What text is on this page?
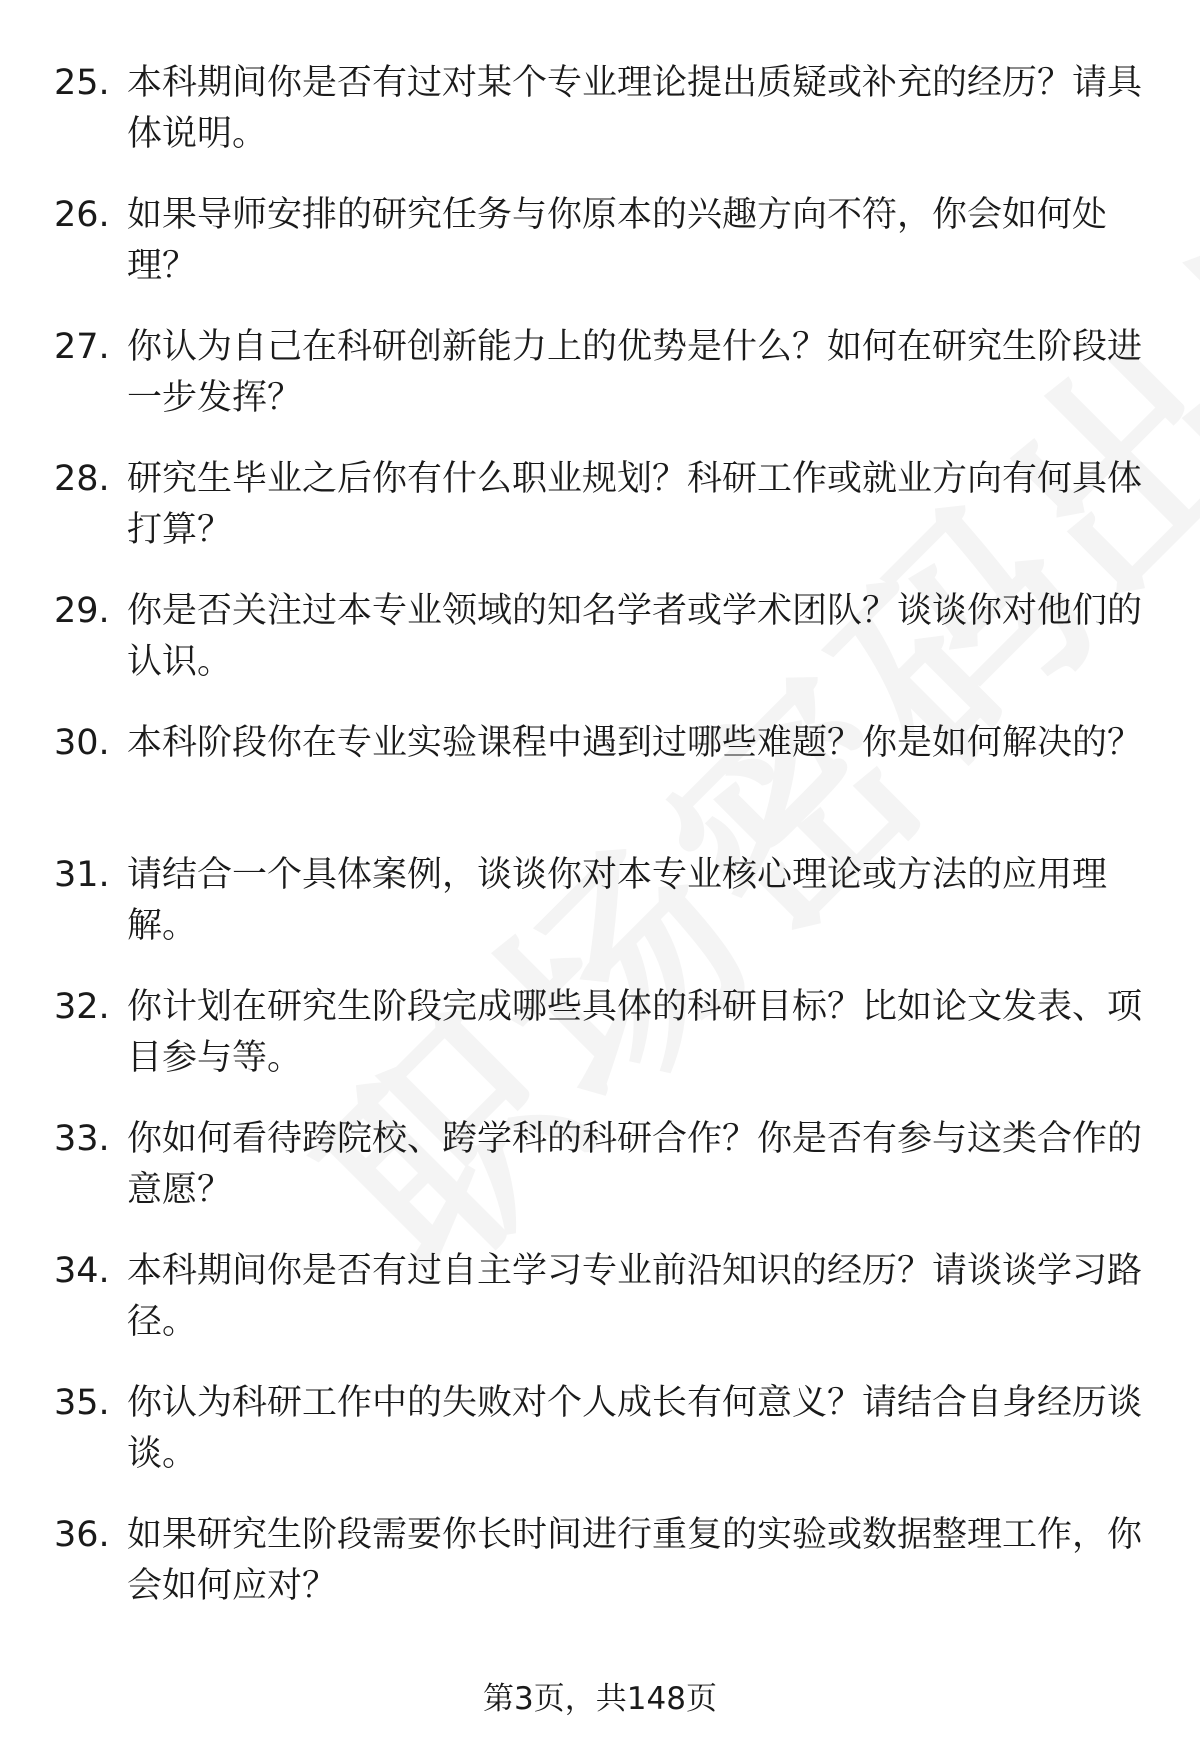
25. 本科期间你是否有过对某个专业理论提出质疑或补充的经历？请具体说明。
26. 如果导师安排的研究任务与你原本的兴趣方向不符，你会如何处理？
27. 你认为自己在科研创新能力上的优势是什么？如何在研究生阶段进一步发挥？
28. 研究生毕业之后你有什么职业规划？科研工作或就业方向有何具体打算？
29. 你是否关注过本专业领域的知名学者或学术团队？谈谈你对他们的认识。
30. 本科阶段你在专业实验课程中遇到过哪些难题？你是如何解决的？
31. 请结合一个具体案例，谈谈你对本专业核心理论或方法的应用理解。
32. 你计划在研究生阶段完成哪些具体的科研目标？比如论文发表、项目参与等。
33. 你如何看待跨院校、跨学科的科研合作？你是否有参与这类合作的意愿？
34. 本科期间你是否有过自主学习专业前沿知识的经历？请谈谈学习路径。
35. 你认为科研工作中的失败对个人成长有何意义？请结合自身经历谈谈。
36. 如果研究生阶段需要你长时间进行重复的实验或数据整理工作，你会如何应对？
第3页，共148页
